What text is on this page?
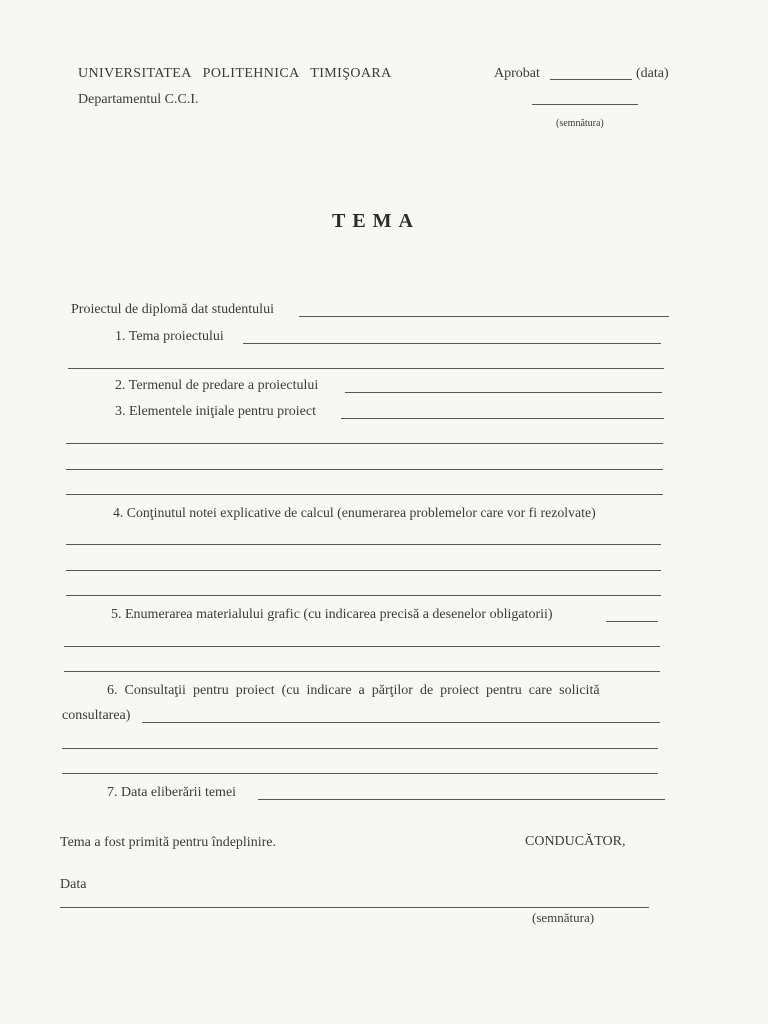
UNIVERSITATEA   POLITEHNICA   TIMIŞOARA
Departamentul C.C.I.
Aprobat	(data)
(semnătura)
TEMA
Proiectul de diplomă dat studentului
1. Tema proiectului
2. Termenul de predare a proiectului
3. Elementele iniţiale pentru proiect
4. Conţinutul notei explicative de calcul (enumerarea problemelor care vor fi rezolvate)
5. Enumerarea materialului grafic (cu indicarea precisă a desenelor obligatorii)
6.  Consultaţii  pentru  proiect  (cu  indicare  a  părţilor  de  proiect  pentru  care  solicită
consultarea)
7. Data eliberării temei
Tema a fost primită pentru îndeplinire.	CONDUCĂTOR,
Data
(semnătura)
